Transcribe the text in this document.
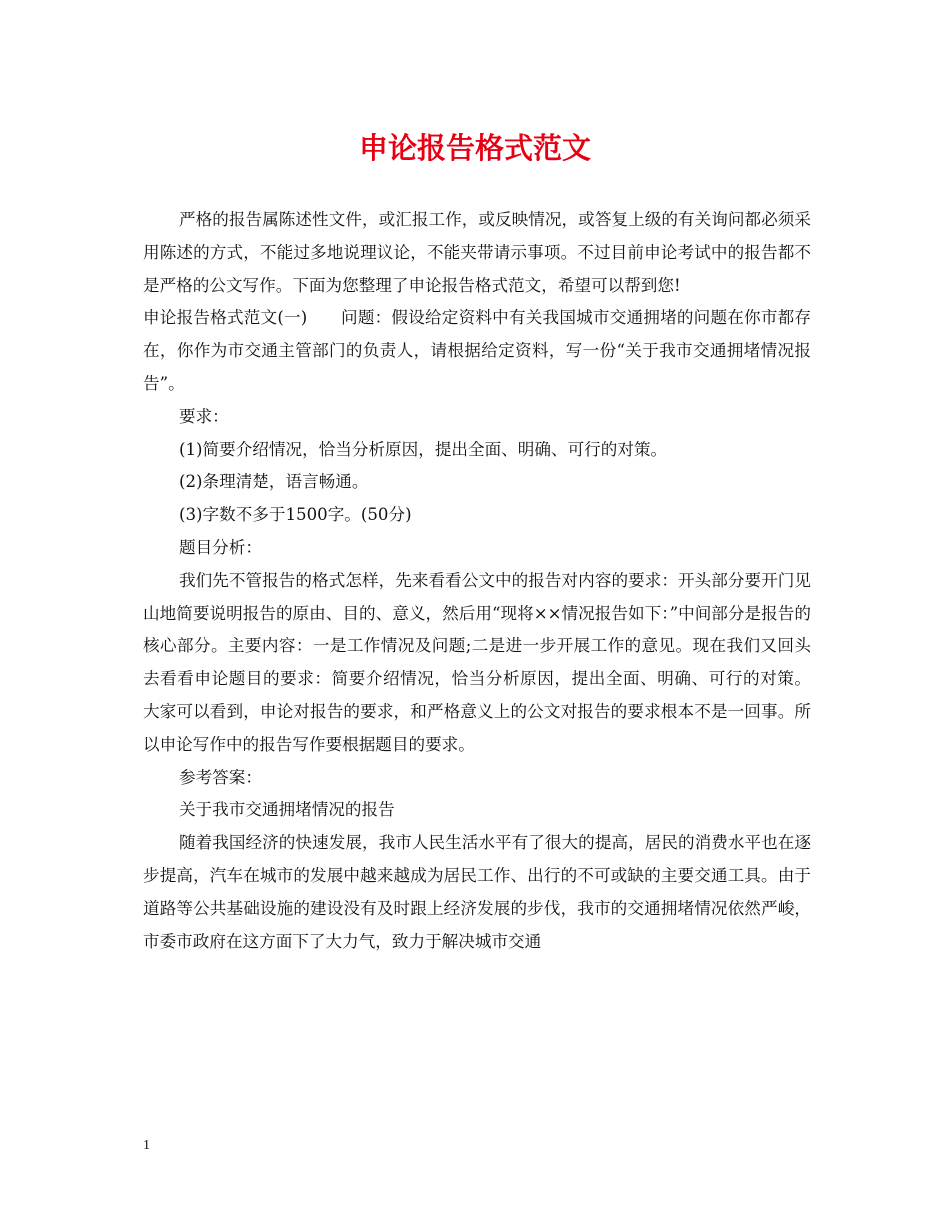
申论报告格式范文

严格的报告属陈述性文件，或汇报工作，或反映情况，或答复上级的有关询问都必须采用陈述的方式，不能过多地说理议论，不能夹带请示事项。不过目前申论考试中的报告都不是严格的公文写作。下面为您整理了申论报告格式范文，希望可以帮到您!

申论报告格式范文(一)　　问题：假设给定资料中有关我国城市交通拥堵的问题在你市都存在，你作为市交通主管部门的负责人，请根据给定资料，写一份“关于我市交通拥堵情况报告”。

要求：

(1)简要介绍情况，恰当分析原因，提出全面、明确、可行的对策。

(2)条理清楚，语言畅通。

(3)字数不多于1500字。(50分)

题目分析：

我们先不管报告的格式怎样，先来看看公文中的报告对内容的要求：开头部分要开门见山地简要说明报告的原由、目的、意义，然后用“现将××情况报告如下：”中间部分是报告的核心部分。主要内容：一是工作情况及问题;二是进一步开展工作的意见。现在我们又回头去看看申论题目的要求：简要介绍情况，恰当分析原因，提出全面、明确、可行的对策。 大家可以看到，申论对报告的要求，和严格意义上的公文对报告的要求根本不是一回事。所以申论写作中的报告写作要根据题目的要求。

参考答案：

关于我市交通拥堵情况的报告

随着我国经济的快速发展，我市人民生活水平有了很大的提高，居民的消费水平也在逐步提高，汽车在城市的发展中越来越成为居民工作、出行的不可或缺的主要交通工具。由于道路等公共基础设施的建设没有及时跟上经济发展的步伐，我市的交通拥堵情况依然严峻，市委市政府在这方面下了大力气，致力于解决城市交通

1
